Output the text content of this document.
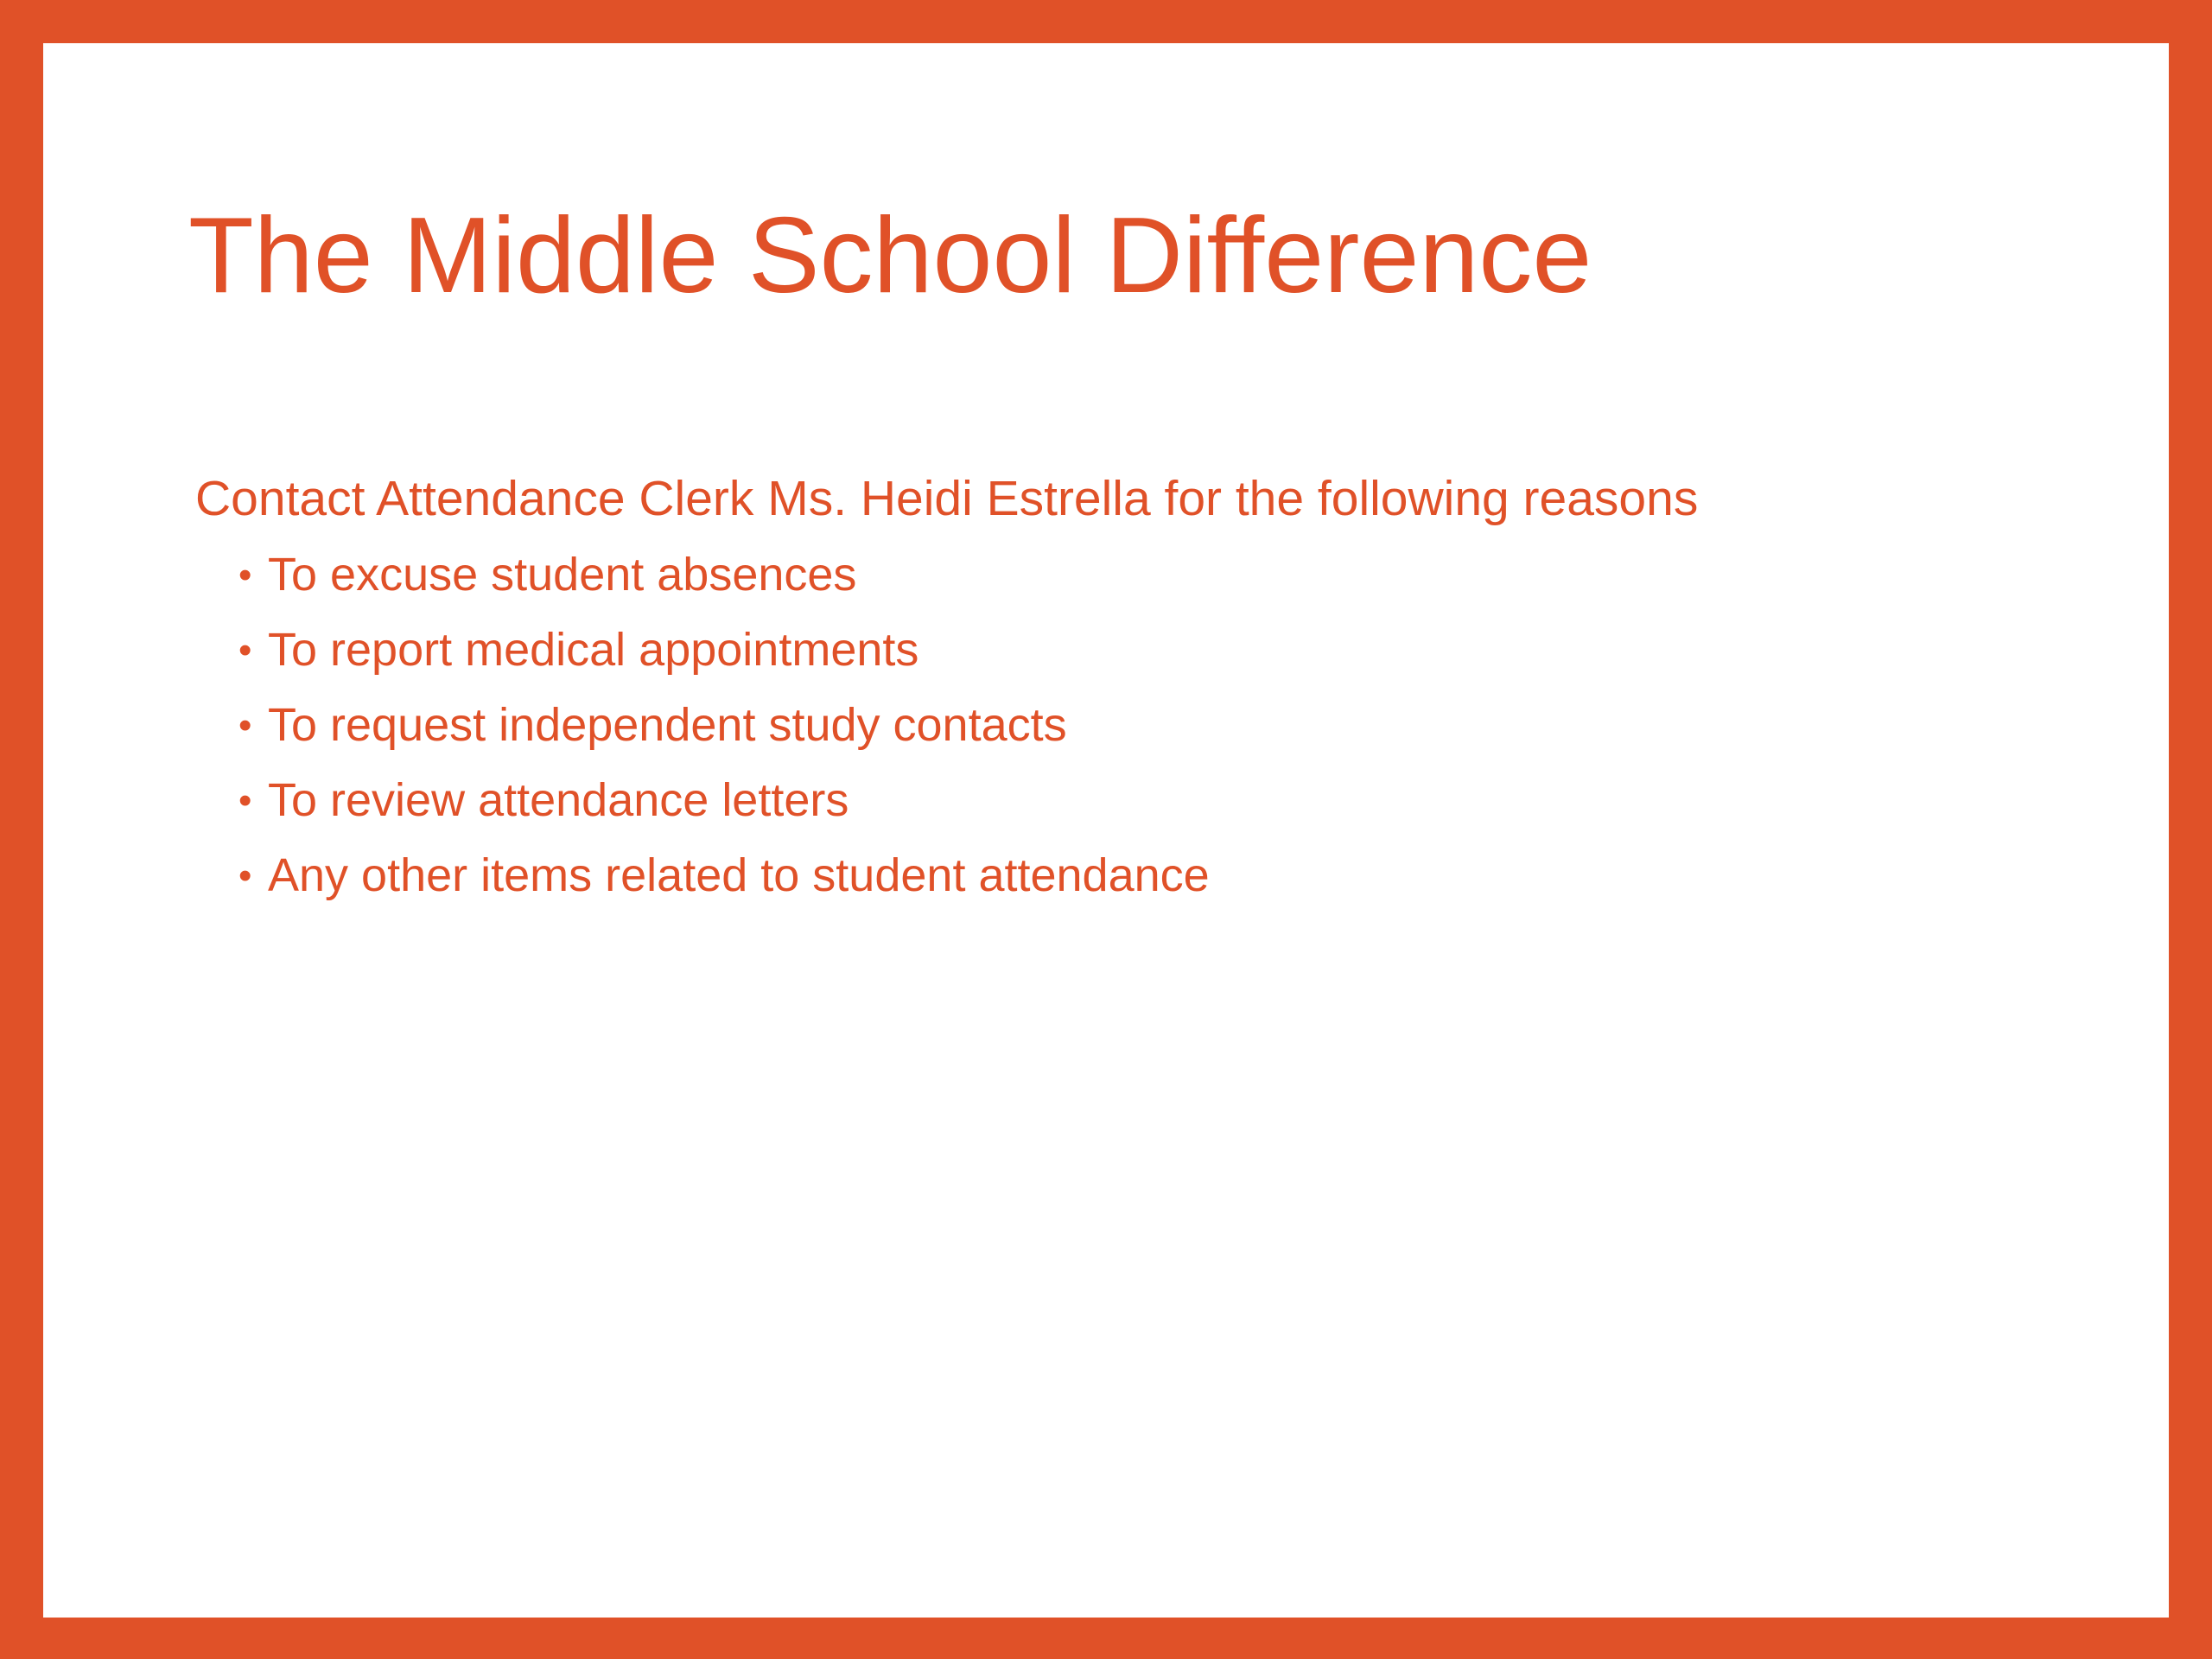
The Middle School Difference

Contact Attendance Clerk Ms. Heidi Estrella for the following reasons

• To excuse student absences
• To report medical appointments
• To request independent study contacts
• To review attendance letters
• Any other items related to student attendance
